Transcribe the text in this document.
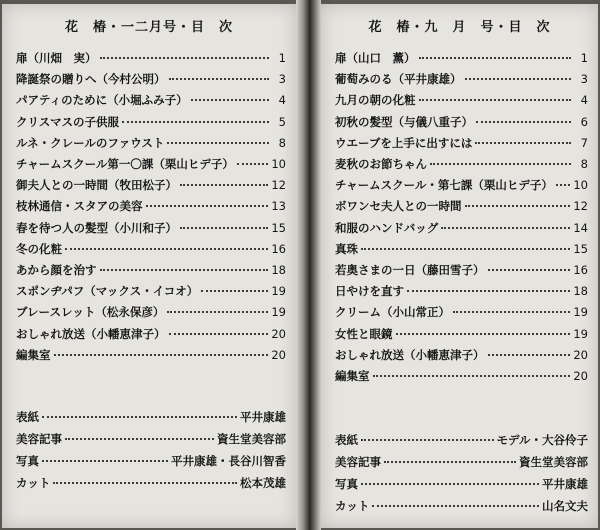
花　椿・一二月号・目　次
扉（川畑　実）	1
降誕祭の贈りへ（今村公明）	3
パアティのために（小堀ふみ子）	4
クリスマスの子供服	5
ルネ・クレールのファウスト	8
チャームスクール第一〇課（栗山ヒデ子）	10
御夫人との一時間（牧田松子）	12
枝林通信・スタアの美容	13
春を待つ人の髪型（小川和子）	15
冬の化粧	16
あから顔を治す	18
スポンヂパフ（マックス・イコオ）	19
ブレースレット（松永保彦）	19
おしゃれ放送（小幡恵津子）	20
編集室	20
表紙	平井康雄
美容記事	資生堂美容部
写真	平井康雄・長谷川智香
カット	松本茂雄
花　椿・九　月　号・目　次
扉（山口　薫）	1
葡萄みのる（平井康雄）	3
九月の朝の化粧	4
初秋の髪型（与儀八重子）	6
ウエーブを上手に出すには	7
麦秋のお節ちゃん	8
チャームスクール・第七課（栗山ヒデ子） 10
ボワンセ夫人との一時間	12
和服のハンドバッグ	14
真珠	15
若奥さまの一日（藤田雪子）	16
日やけを直す	18
クリーム（小山常正）	19
女性と眼鏡	19
おしゃれ放送（小幡恵津子）	20
編集室	20
表紙	モデル・大谷伶子
美容記事	資生堂美容部
写真	平井康雄
カット	山名文夫
